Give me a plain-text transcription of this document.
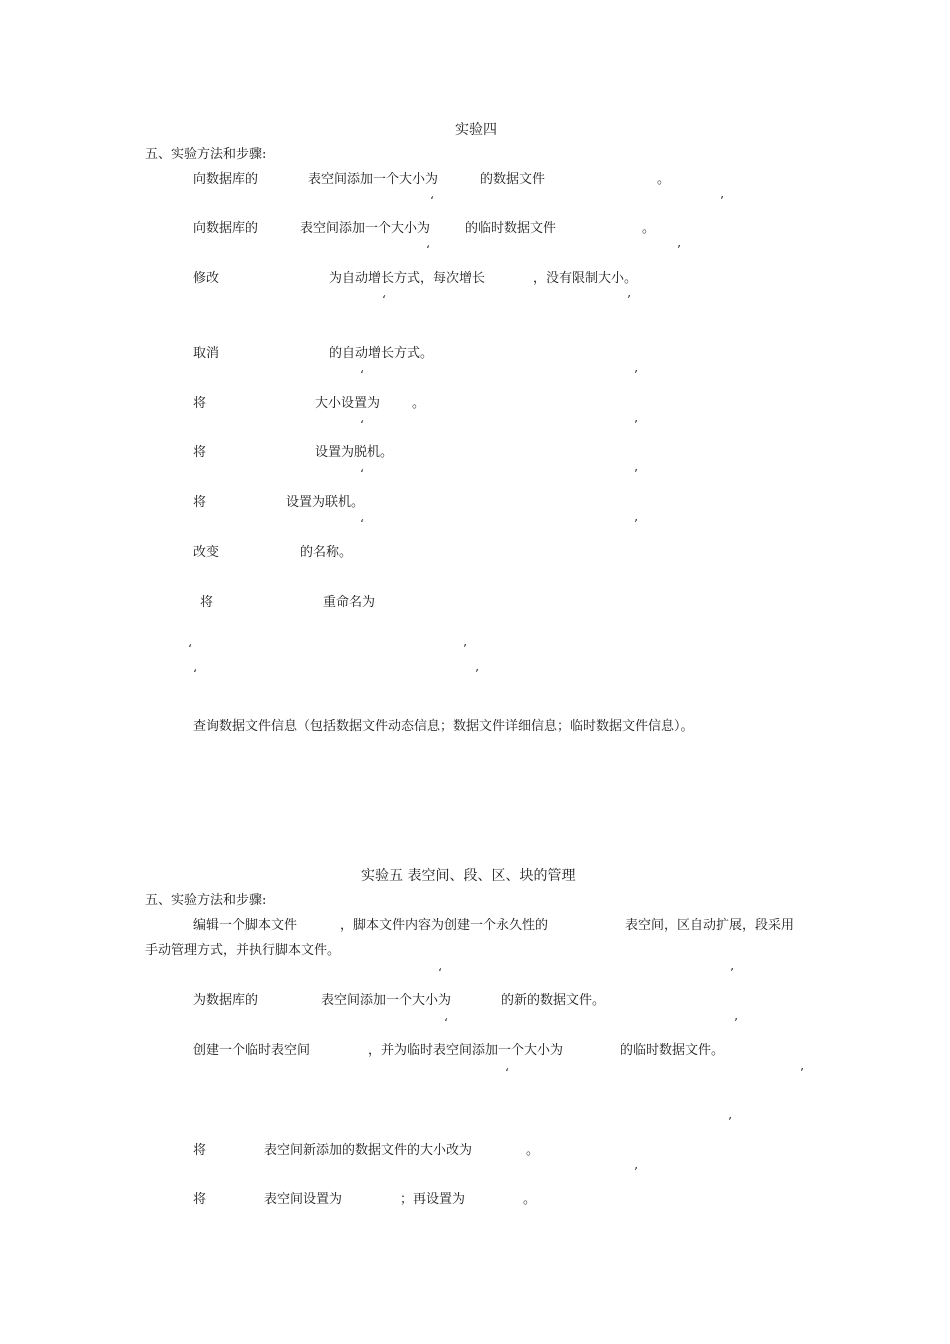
实验四
五、实验方法和步骤:
向数据库的	表空间添加一个大小为	的数据文件	。
‘	’
向数据库的	表空间添加一个大小为	的临时数据文件	。
‘	’
修改	为自动增长方式，每次增长	，没有限制大小。
‘	’
取消	的自动增长方式。
‘	’
将	大小设置为 。
‘	’
将	设置为脱机。
‘	’
将	设置为联机。
‘	’
改变	的名称。
将	重命名为
‘	’
‘	’
查询数据文件信息（包括数据文件动态信息；数据文件详细信息；临时数据文件信息）。
实验五 表空间、段、区、块的管理
五、实验方法和步骤:
编辑一个脚本文件	，脚本文件内容为创建一个永久性的	表空间，区自动扩展，段采用
手动管理方式，并执行脚本文件。
‘	’
为数据库的	表空间添加一个大小为	的新的数据文件。
‘	’
创建一个临时表空间	，并为临时表空间添加一个大小为	的临时数据文件。
‘	’
’
将	表空间新添加的数据文件的大小改为	。
’
将	表空间设置为	；再设置为	。
